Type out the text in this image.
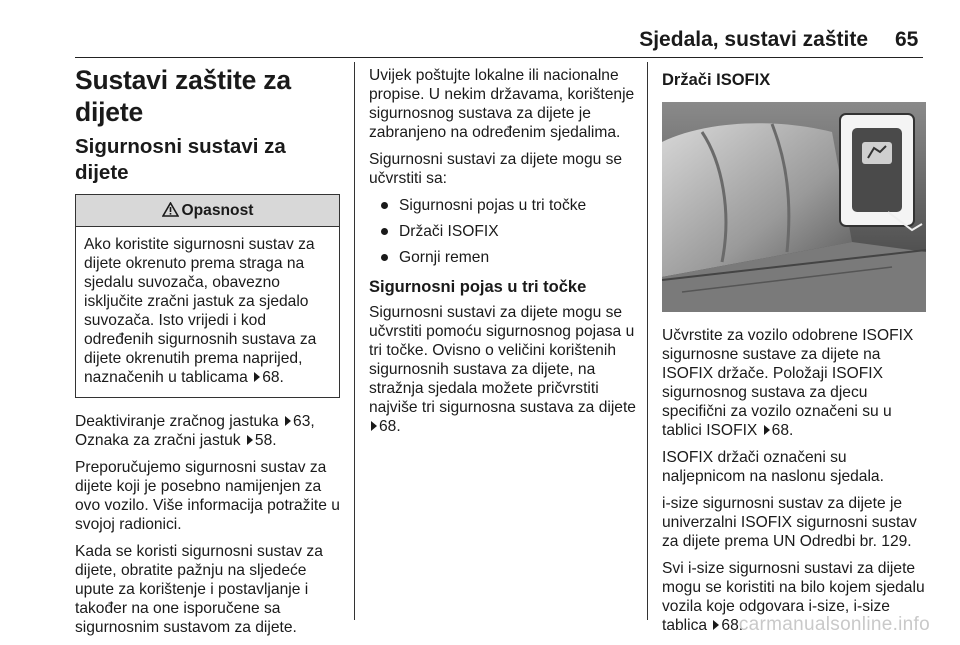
Sjedala, sustavi zaštite 65
Sustavi zaštite za dijete
Sigurnosni sustavi za dijete
Opasnost
Ako koristite sigurnosni sustav za dijete okrenuto prema straga na sjedalu suvozača, obavezno isključite zračni jastuk za sjedalo suvozača. Isto vrijedi i kod određenih sigurnosnih sustava za dijete okrenutih prema naprijed, naznačenih u tablicama 68.

Deaktiviranje zračnog jastuka 63,
Oznaka za zračni jastuk 58.

Preporučujemo sigurnosni sustav za dijete koji je posebno namijenjen za ovo vozilo. Više informacija potražite u svojoj radionici.

Kada se koristi sigurnosni sustav za dijete, obratite pažnju na sljedeće upute za korištenje i postavljanje i također na one isporučene sa sigurnosnim sustavom za dijete.

Uvijek poštujte lokalne ili nacionalne propise. U nekim državama, korištenje sigurnosnog sustava za dijete je zabranjeno na određenim sjedalima.

Sigurnosni sustavi za dijete mogu se učvrstiti sa:

Sigurnosni pojas u tri točke
Držači ISOFIX
Gornji remen
Sigurnosni pojas u tri točke

Sigurnosni sustavi za dijete mogu se učvrstiti pomoću sigurnosnog pojasa u tri točke. Ovisno o veličini korištenih sigurnosnih sustava za dijete, na stražnja sjedala možete pričvrstiti najviše tri sigurnosna sustava za dijete 68.

Držači ISOFIX

Učvrstite za vozilo odobrene ISOFIX sigurnosne sustave za dijete na ISOFIX držače. Položaji ISOFIX sigurnosnog sustava za djecu specifični za vozilo označeni su u tablici ISOFIX 68.

ISOFIX držači označeni su naljepnicom na naslonu sjedala.

i-size sigurnosni sustav za dijete je univerzalni ISOFIX sigurnosni sustav za dijete prema UN Odredbi br. 129.

Svi i-size sigurnosni sustavi za dijete mogu se koristiti na bilo kojem sjedalu vozila koje odgovara i-size, i-size tablica 68.

carmanualsonline.info
